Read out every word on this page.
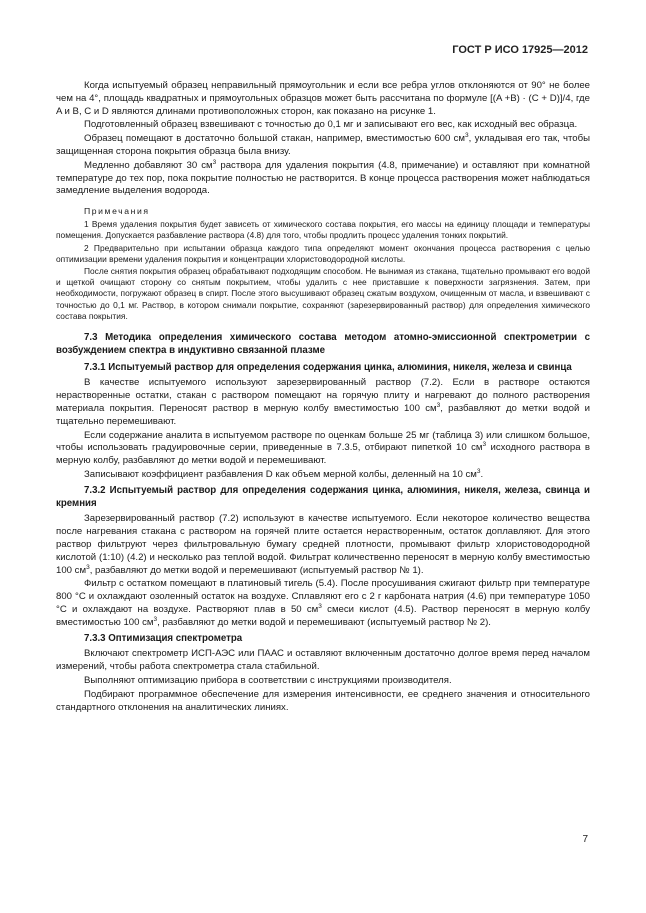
ГОСТ Р ИСО 17925—2012

Когда испытуемый образец неправильный прямоугольник и если все ребра углов отклоняются от 90° не более чем на 4°, площадь квадратных и прямоугольных образцов может быть рассчитана по формуле [(A +B) · (C + D)]/4, где A и B, C и D являются длинами противоположных сторон, как показано на рисунке 1.

Подготовленный образец взвешивают с точностью до 0,1 мг и записывают его вес, как исходный вес образца.

Образец помещают в достаточно большой стакан, например, вместимостью 600 $см^3$, укладывая его так, чтобы защищенная сторона покрытия образца была внизу.

Медленно добавляют 30 $см^3$ раствора для удаления покрытия (4.8, примечание) и оставляют при комнатной температуре до тех пор, пока покрытие полностью не растворится. В конце процесса растворения может наблюдаться замедление выделения водорода.

Примечания

1 Время удаления покрытия будет зависеть от химического состава покрытия, его массы на единицу площади и температуры помещения. Допускается разбавление раствора (4.8) для того, чтобы продлить процесс удаления тонких покрытий.

2 Предварительно при испытании образца каждого типа определяют момент окончания процесса растворения с целью оптимизации времени удаления покрытия и концентрации хлористоводородной кислоты.

После снятия покрытия образец обрабатывают подходящим способом. Не вынимая из стакана, тщательно промывают его водой и щеткой очищают сторону со снятым покрытием, чтобы удалить с нее приставшие к поверхности загрязнения. Затем, при необходимости, погружают образец в спирт. После этого высушивают образец сжатым воздухом, очищенным от масла, и взвешивают с точностью до 0,1 мг. Раствор, в котором снимали покрытие, сохраняют (зарезервированный раствор) для определения химического состава покрытия.

7.3 Методика определения химического состава методом атомно-эмиссионной спектрометрии с возбуждением спектра в индуктивно связанной плазме
7.3.1 Испытуемый раствор для определения содержания цинка, алюминия, никеля, железа и свинца

В качестве испытуемого используют зарезервированный раствор (7.2). Если в растворе остаются нерастворенные остатки, стакан с раствором помещают на горячую плиту и нагревают до полного растворения материала покрытия. Переносят раствор в мерную колбу вместимостью 100 $см^3$, разбавляют до метки водой и тщательно перемешивают.

Если содержание аналита в испытуемом растворе по оценкам больше 25 мг (таблица 3) или слишком большое, чтобы использовать градуировочные серии, приведенные в 7.3.5, отбирают пипеткой 10 $см^3$ исходного раствора в мерную колбу, разбавляют до метки водой и перемешивают.

Записывают коэффициент разбавления D как объем мерной колбы, деленный на 10 $см^3$.

7.3.2 Испытуемый раствор для определения содержания цинка, алюминия, никеля, железа, свинца и кремния

Зарезервированный раствор (7.2) используют в качестве испытуемого. Если некоторое количество вещества после нагревания стакана с раствором на горячей плите остается нерастворенным, остаток доплавляют. Для этого раствор фильтруют через фильтровальную бумагу средней плотности, промывают фильтр хлористоводородной кислотой (1:10) (4.2) и несколько раз теплой водой. Фильтрат количественно переносят в мерную колбу вместимостью 100 $см^3$, разбавляют до метки водой и перемешивают (испытуемый раствор № 1).

Фильтр с остатком помещают в платиновый тигель (5.4). После просушивания сжигают фильтр при температуре 800 °С и охлаждают озоленный остаток на воздухе. Сплавляют его с 2 г карбоната натрия (4.6) при температуре 1050 °С и охлаждают на воздухе. Растворяют плав в 50 $см^3$ смеси кислот (4.5). Раствор переносят в мерную колбу вместимостью 100 $см^3$, разбавляют до метки водой и перемешивают (испытуемый раствор № 2).

7.3.3 Оптимизация спектрометра

Включают спектрометр ИСП-АЭС или ПААС и оставляют включенным достаточно долгое время перед началом измерений, чтобы работа спектрометра стала стабильной.

Выполняют оптимизацию прибора в соответствии с инструкциями производителя.

Подбирают программное обеспечение для измерения интенсивности, ее среднего значения и относительного стандартного отклонения на аналитических линиях.

7
